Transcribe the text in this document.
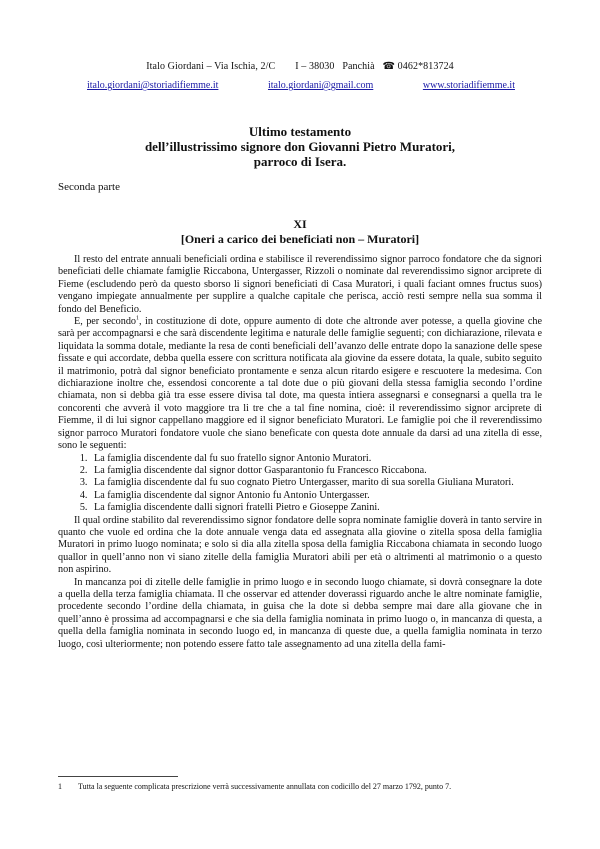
Italo Giordani – Via Ischia, 2/C I – 38030 Panchià ☎ 0462*813724
italo.giordani@storiadifiemme.it	italo.giordani@gmail.com	www.storiadifiemme.it
Ultimo testamento
dell’illustrissimo signore don Giovanni Pietro Muratori,
parroco di Isera.
Seconda parte
XI
[Oneri a carico dei beneficiati non – Muratori]

Il resto del entrate annuali beneficiali ordina e stabilisce il reverendissimo signor parroco fondatore che da signori beneficiati delle chiamate famiglie Riccabona, Untergasser, Rizzoli o nominate dal reverendissimo signor arciprete di Fieme (escludendo però da questo sborso li signori beneficiati di Casa Muratori, i quali faciant omnes fructus suos) vengano impiegate annualmente per supplire a qualche capitale che perisca, acciò resti sempre nella sua somma il fondo del Beneficio.

E, per secondo$^1$, in costituzione di dote, oppure aumento di dote che altronde aver potesse, a quella giovine che sarà per accompagnarsi e che sarà discendente legitima e naturale delle famiglie seguenti; con dichiarazione, rilevata e liquidata la somma dotale, mediante la resa de conti beneficiali dell’avanzo delle entrate dopo la sanazione delle spese fissate e qui accordate, debba quella essere con scrittura notificata ala giovine da essere dotata, la quale, subito seguito il matrimonio, potrà dal signor beneficiato prontamente e senza alcun ritardo esigere e rescuotere la medesima. Con dichiarazione inoltre che, essendosi concorente a tal dote due o più giovani della stessa famiglia secondo l’ordine chiamata, non si debba già tra esse essere divisa tal dote, ma questa intiera assegnarsi e consegnarsi a quella tra le concorenti che avverà il voto maggiore tra li tre che a tal fine nomina, cioè: il reverendissimo signor arciprete di Fiemme, il di lui signor cappellano maggiore ed il signor beneficiato Muratori. Le famiglie poi che il reverendissimo signor parroco Muratori fondatore vuole che siano beneficate con questa dote annuale da darsi ad una zitella di esse, sono le seguenti:

1. La famiglia discendente dal fu suo fratello signor Antonio Muratori.
2. La famiglia discendente dal signor dottor Gasparantonio fu Francesco Riccabona.
3. La famiglia discendente dal fu suo cognato Pietro Untergasser, marito di sua sorella Giuliana Muratori.
4. La famiglia discendente dal signor Antonio fu Antonio Untergasser.
5. La famiglia discendente dalli signori fratelli Pietro e Gioseppe Zanini.

Il qual ordine stabilito dal reverendissimo signor fondatore delle sopra nominate famiglie doverà in tanto servire in quanto che vuole ed ordina che la dote annuale venga data ed assegnata alla giovine o zitella sposa della famiglia Muratori in primo luogo nominata; e solo si dia alla zitella sposa della famiglia Riccabona chiamata in secondo luogo quallor in quell’anno non vi siano zitelle della famiglia Muratori abili per età o altrimenti al matrimonio o a questo non aspirino.

In mancanza poi di zitelle delle famiglie in primo luogo e in secondo luogo chiamate, si dovrà consegnare la dote a quella della terza famiglia chiamata. Il che osservar ed attender doverassi riguardo anche le altre nominate famiglie, procedente secondo l’ordine della chiamata, in guisa che la dote si debba sempre mai dare alla giovane che in quell’anno è prossima ad accompagnarsi e che sia della famiglia nominata in primo luogo o, in mancanza di questa, a quella della famiglia nominata in secondo luogo ed, in mancanza di queste due, a quella famiglia nominata in terzo luogo, così ulteriormente; non potendo essere fatto tale assegnamento ad una zitella della fami-

1 Tutta la seguente complicata prescrizione verrà successivamente annullata con codicillo del 27 marzo 1792, punto 7.
